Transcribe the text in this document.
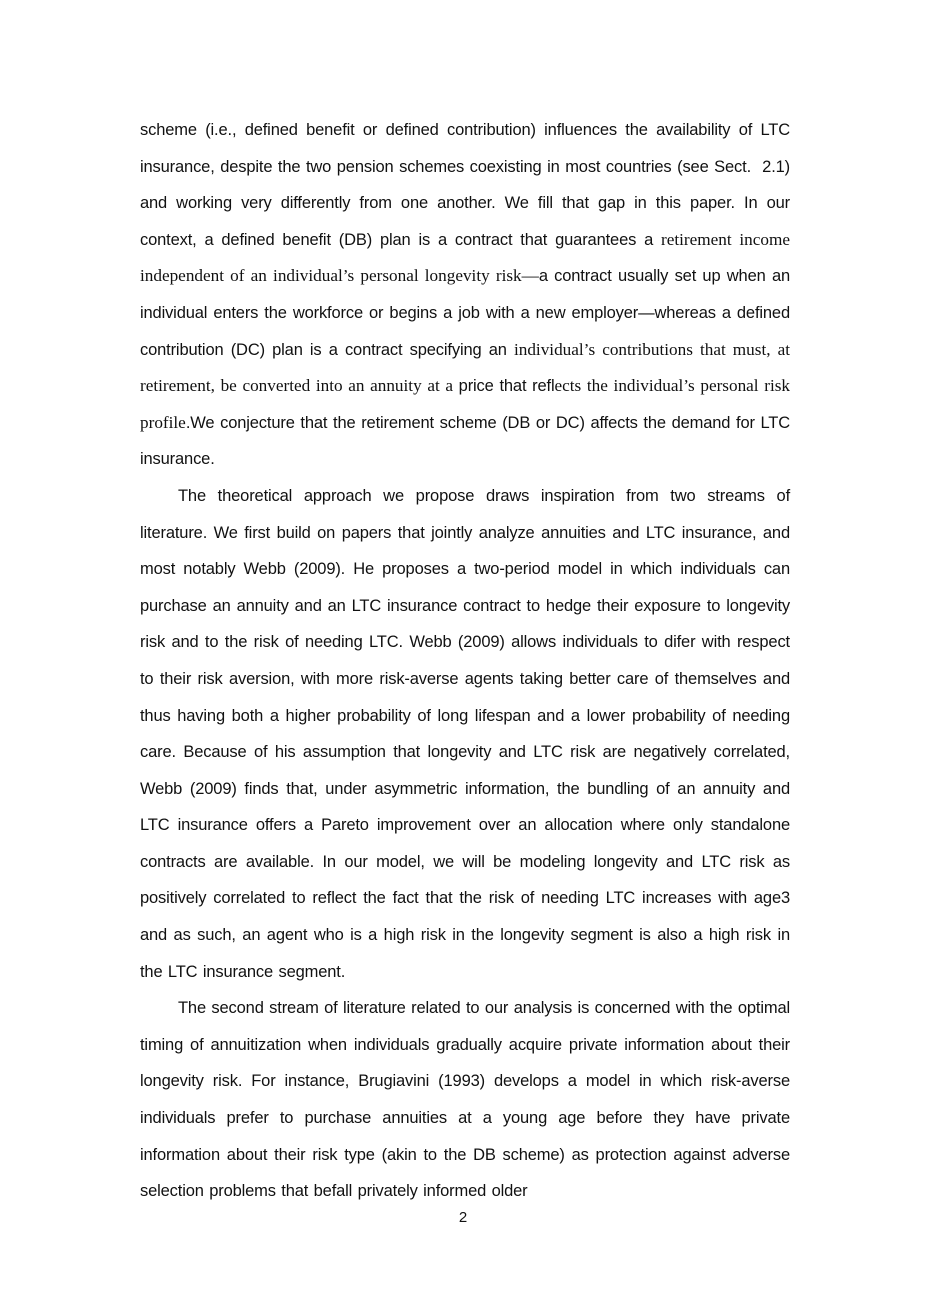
scheme (i.e., defined benefit or defined contribution) influences the availability of LTC insurance, despite the two pension schemes coexisting in most countries (see Sect.  2.1) and working very differently from one another. We fill that gap in this paper. In our context, a defined benefit (DB) plan is a contract that guarantees a retirement income independent of an individual’s personal longevity risk—a contract usually set up when an individual enters the workforce or begins a job with a new employer—whereas a defined contribution (DC) plan is a contract specifying an individual’s contributions that must, at retirement, be converted into an annuity at a price that reflects the individual’s personal risk profile.We conjecture that the retirement scheme (DB or DC) affects the demand for LTC insurance.

The theoretical approach we propose draws inspiration from two streams of literature. We first build on papers that jointly analyze annuities and LTC insurance, and most notably Webb (2009). He proposes a two-period model in which individuals can purchase an annuity and an LTC insurance contract to hedge their exposure to longevity risk and to the risk of needing LTC. Webb (2009) allows individuals to difer with respect to their risk aversion, with more risk-averse agents taking better care of themselves and thus having both a higher probability of long lifespan and a lower probability of needing care. Because of his assumption that longevity and LTC risk are negatively correlated, Webb (2009) finds that, under asymmetric information, the bundling of an annuity and LTC insurance offers a Pareto improvement over an allocation where only standalone contracts are available. In our model, we will be modeling longevity and LTC risk as positively correlated to reflect the fact that the risk of needing LTC increases with age3 and as such, an agent who is a high risk in the longevity segment is also a high risk in the LTC insurance segment.

The second stream of literature related to our analysis is concerned with the optimal timing of annuitization when individuals gradually acquire private information about their longevity risk. For instance, Brugiavini (1993) develops a model in which risk-averse individuals prefer to purchase annuities at a young age before they have private information about their risk type (akin to the DB scheme) as protection against adverse selection problems that befall privately informed older

2
